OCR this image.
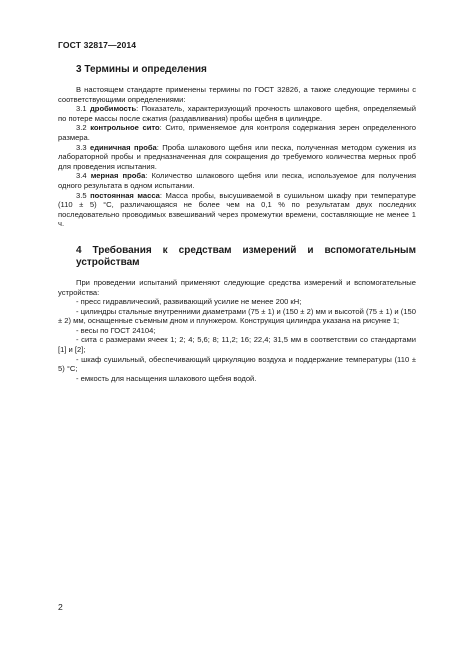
ГОСТ 32817—2014
3 Термины и определения

В настоящем стандарте применены термины по ГОСТ 32826, а также следующие термины с соответствующими определениями:

3.1 дробимость: Показатель, характеризующий прочность шлакового щебня, определяемый по потере массы после сжатия (раздавливания) пробы щебня в цилиндре.

3.2 контрольное сито: Сито, применяемое для контроля содержания зерен определенного размера.

3.3 единичная проба: Проба шлакового щебня или песка, полученная методом сужения из лабораторной пробы и предназначенная для сокращения до требуемого количества мерных проб для проведения испытания.

3.4 мерная проба: Количество шлакового щебня или песка, используемое для получения одного результата в одном испытании.

3.5 постоянная масса: Масса пробы, высушиваемой в сушильном шкафу при температуре (110 ± 5) °С, различающаяся не более чем на 0,1 % по результатам двух последних последовательно проводимых взвешиваний через промежутки времени, составляющие не менее 1 ч.

4 Требования к средствам измерений и вспомогательным устройствам

При проведении испытаний применяют следующие средства измерений и вспомогательные устройства:

- пресс гидравлический, развивающий усилие не менее 200 кН;

- цилиндры стальные внутренними диаметрами (75 ± 1) и (150 ± 2) мм и высотой (75 ± 1) и (150 ± 2) мм, оснащенные съемным дном и плунжером. Конструкция цилиндра указана на рисунке 1;

- весы по ГОСТ 24104;

- сита с размерами ячеек 1; 2; 4; 5,6; 8; 11,2; 16; 22,4; 31,5 мм в соответствии со стандартами [1] и [2];

- шкаф сушильный, обеспечивающий циркуляцию воздуха и поддержание температуры (110 ± 5) °С;

- емкость для насыщения шлакового щебня водой.

2
